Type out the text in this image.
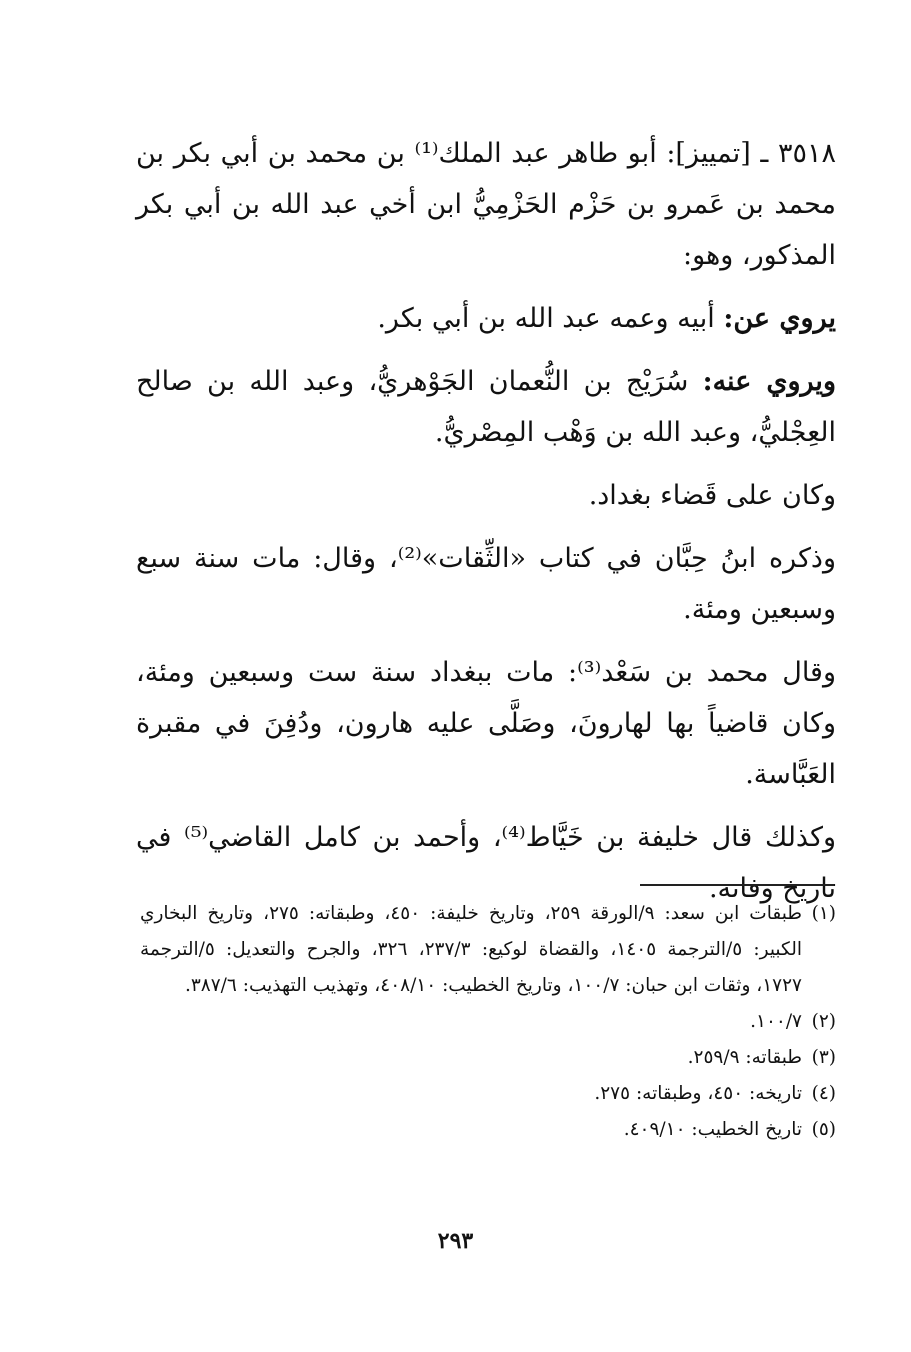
٣٥١٨ ـ [تمييز]: أبو طاهر عبد الملك⁽¹⁾ بن محمد بن أبي بكر بن محمد بن عَمرو بن حَزْم الحَزْمِيُّ ابن أخي عبد الله بن أبي بكر المذكور، وهو:

يروي عن: أبيه وعمه عبد الله بن أبي بكر.

ويروي عنه: سُرَيْج بن النُّعمان الجَوْهريُّ، وعبد الله بن صالح العِجْليُّ، وعبد الله بن وَهْب المِصْريُّ.

وكان على قَضاء بغداد.

وذكره ابنُ حِبَّان في كتاب «الثِّقات»⁽²⁾، وقال: مات سنة سبع وسبعين ومئة.

وقال محمد بن سَعْد⁽³⁾: مات ببغداد سنة ست وسبعين ومئة، وكان قاضياً بها لهارونَ، وصَلَّى عليه هارون، ودُفِنَ في مقبرة العَبَّاسة.

وكذلك قال خليفة بن خَيَّاط⁽⁴⁾، وأحمد بن كامل القاضي⁽⁵⁾ في تاريخ وفاته.

(١)
طبقات ابن سعد: ٩/الورقة ٢٥٩، وتاريخ خليفة: ٤٥٠، وطبقاته: ٢٧٥، وتاريخ البخاري الكبير: ٥/الترجمة ١٤٠٥، والقضاة لوكيع: ٢٣٧/٣، ٣٢٦، والجرح والتعديل: ٥/الترجمة ١٧٢٧، وثقات ابن حبان: ١٠٠/٧، وتاريخ الخطيب: ٤٠٨/١٠، وتهذيب التهذيب: ٣٨٧/٦.
(٢)
١٠٠/٧.
(٣)
طبقاته: ٢٥٩/٩.
(٤)
تاريخه: ٤٥٠، وطبقاته: ٢٧٥.
(٥)
تاريخ الخطيب: ٤٠٩/١٠.
٢٩٣
